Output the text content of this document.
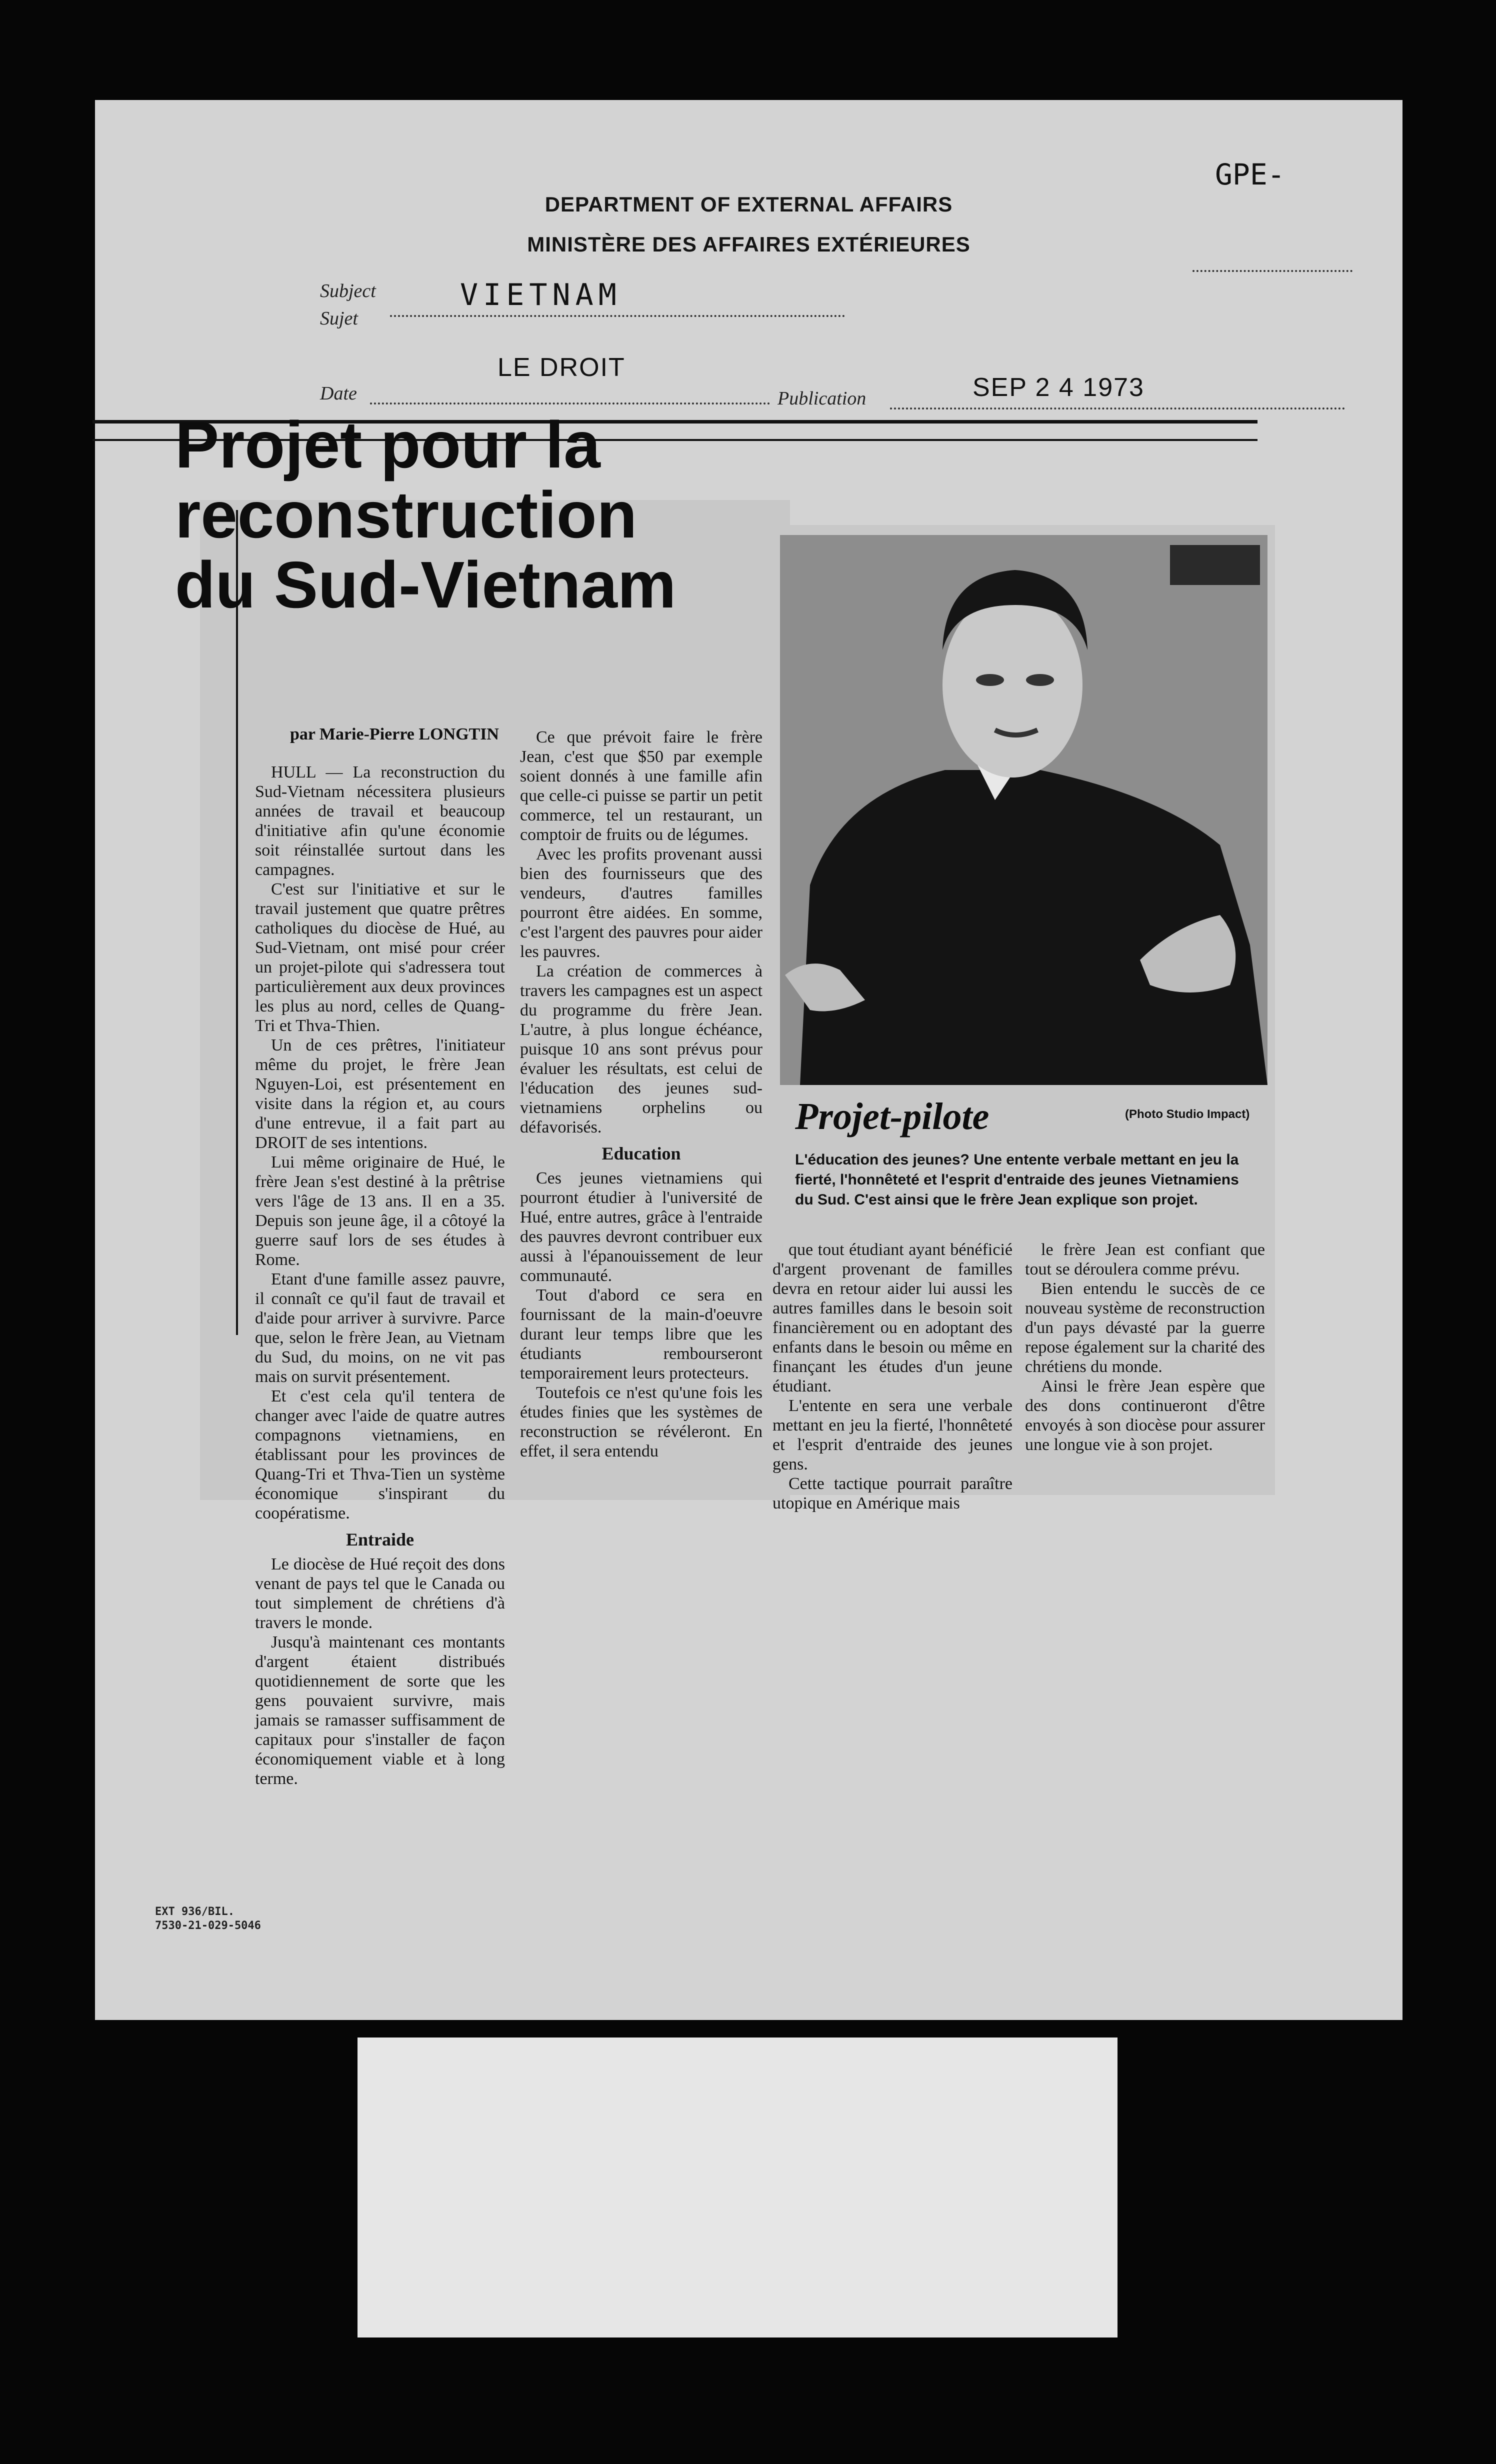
DEPARTMENT OF EXTERNAL AFFAIRS
MINISTÈRE DES AFFAIRES EXTÉRIEURES
GPE-
Subject
Sujet
VIETNAM
LE DROIT
Date	Publication	SEP 2 4 1973
Projet pour la
reconstruction
du Sud-Vietnam
par Marie-Pierre LONGTIN

HULL — La reconstruction du Sud-Vietnam nécessitera plusieurs années de travail et beaucoup d'initiative afin qu'une économie soit réinstallée surtout dans les campagnes.

C'est sur l'initiative et sur le travail justement que quatre prêtres catholiques du diocèse de Hué, au Sud-Vietnam, ont misé pour créer un projet-pilote qui s'adressera tout particulièrement aux deux provinces les plus au nord, celles de Quang-Tri et Thva-Thien.

Un de ces prêtres, l'initiateur même du projet, le frère Jean Nguyen-Loi, est présentement en visite dans la région et, au cours d'une entrevue, il a fait part au DROIT de ses intentions.

Lui même originaire de Hué, le frère Jean s'est destiné à la prêtrise vers l'âge de 13 ans. Il en a 35. Depuis son jeune âge, il a côtoyé la guerre sauf lors de ses études à Rome.

Etant d'une famille assez pauvre, il connaît ce qu'il faut de travail et d'aide pour arriver à survivre. Parce que, selon le frère Jean, au Vietnam du Sud, du moins, on ne vit pas mais on survit présentement.

Et c'est cela qu'il tentera de changer avec l'aide de quatre autres compagnons vietnamiens, en établissant pour les provinces de Quang-Tri et Thva-Tien un système économique s'inspirant du coopératisme.

Entraide

Le diocèse de Hué reçoit des dons venant de pays tel que le Canada ou tout simplement de chrétiens d'à travers le monde.

Jusqu'à maintenant ces montants d'argent étaient distribués quotidiennement de sorte que les gens pouvaient survivre, mais jamais se ramasser suffisamment de capitaux pour s'installer de façon économiquement viable et à long terme.

Ce que prévoit faire le frère Jean, c'est que $50 par exemple soient donnés à une famille afin que celle-ci puisse se partir un petit commerce, tel un restaurant, un comptoir de fruits ou de légumes.

Avec les profits provenant aussi bien des fournisseurs que des vendeurs, d'autres familles pourront être aidées. En somme, c'est l'argent des pauvres pour aider les pauvres.

La création de commerces à travers les campagnes est un aspect du programme du frère Jean. L'autre, à plus longue échéance, puisque 10 ans sont prévus pour évaluer les résultats, est celui de l'éducation des jeunes sud-vietnamiens orphelins ou défavorisés.

Education

Ces jeunes vietnamiens qui pourront étudier à l'université de Hué, entre autres, grâce à l'entraide des pauvres devront contribuer eux aussi à l'épanouissement de leur communauté.

Tout d'abord ce sera en fournissant de la main-d'oeuvre durant leur temps libre que les étudiants rembourseront temporairement leurs protecteurs.

Toutefois ce n'est qu'une fois les études finies que les systèmes de reconstruction se révéleront. En effet, il sera entendu

(Photo Studio Impact)
Projet-pilote
L'éducation des jeunes? Une entente verbale mettant en jeu la fierté, l'honnêteté et l'esprit d'entraide des jeunes Vietnamiens du Sud. C'est ainsi que le frère Jean explique son projet.

que tout étudiant ayant bénéficié d'argent provenant de familles devra en retour aider lui aussi les autres familles dans le besoin soit financièrement ou en adoptant des enfants dans le besoin ou même en finançant les études d'un jeune étudiant.

L'entente en sera une verbale mettant en jeu la fierté, l'honnêteté et l'esprit d'entraide des jeunes gens.

Cette tactique pourrait paraître utopique en Amérique mais

le frère Jean est confiant que tout se déroulera comme prévu.

Bien entendu le succès de ce nouveau système de reconstruction d'un pays dévasté par la guerre repose également sur la charité des chrétiens du monde.

Ainsi le frère Jean espère que des dons continueront d'être envoyés à son diocèse pour assurer une longue vie à son projet.

EXT 936/BIL.
7530-21-029-5046
